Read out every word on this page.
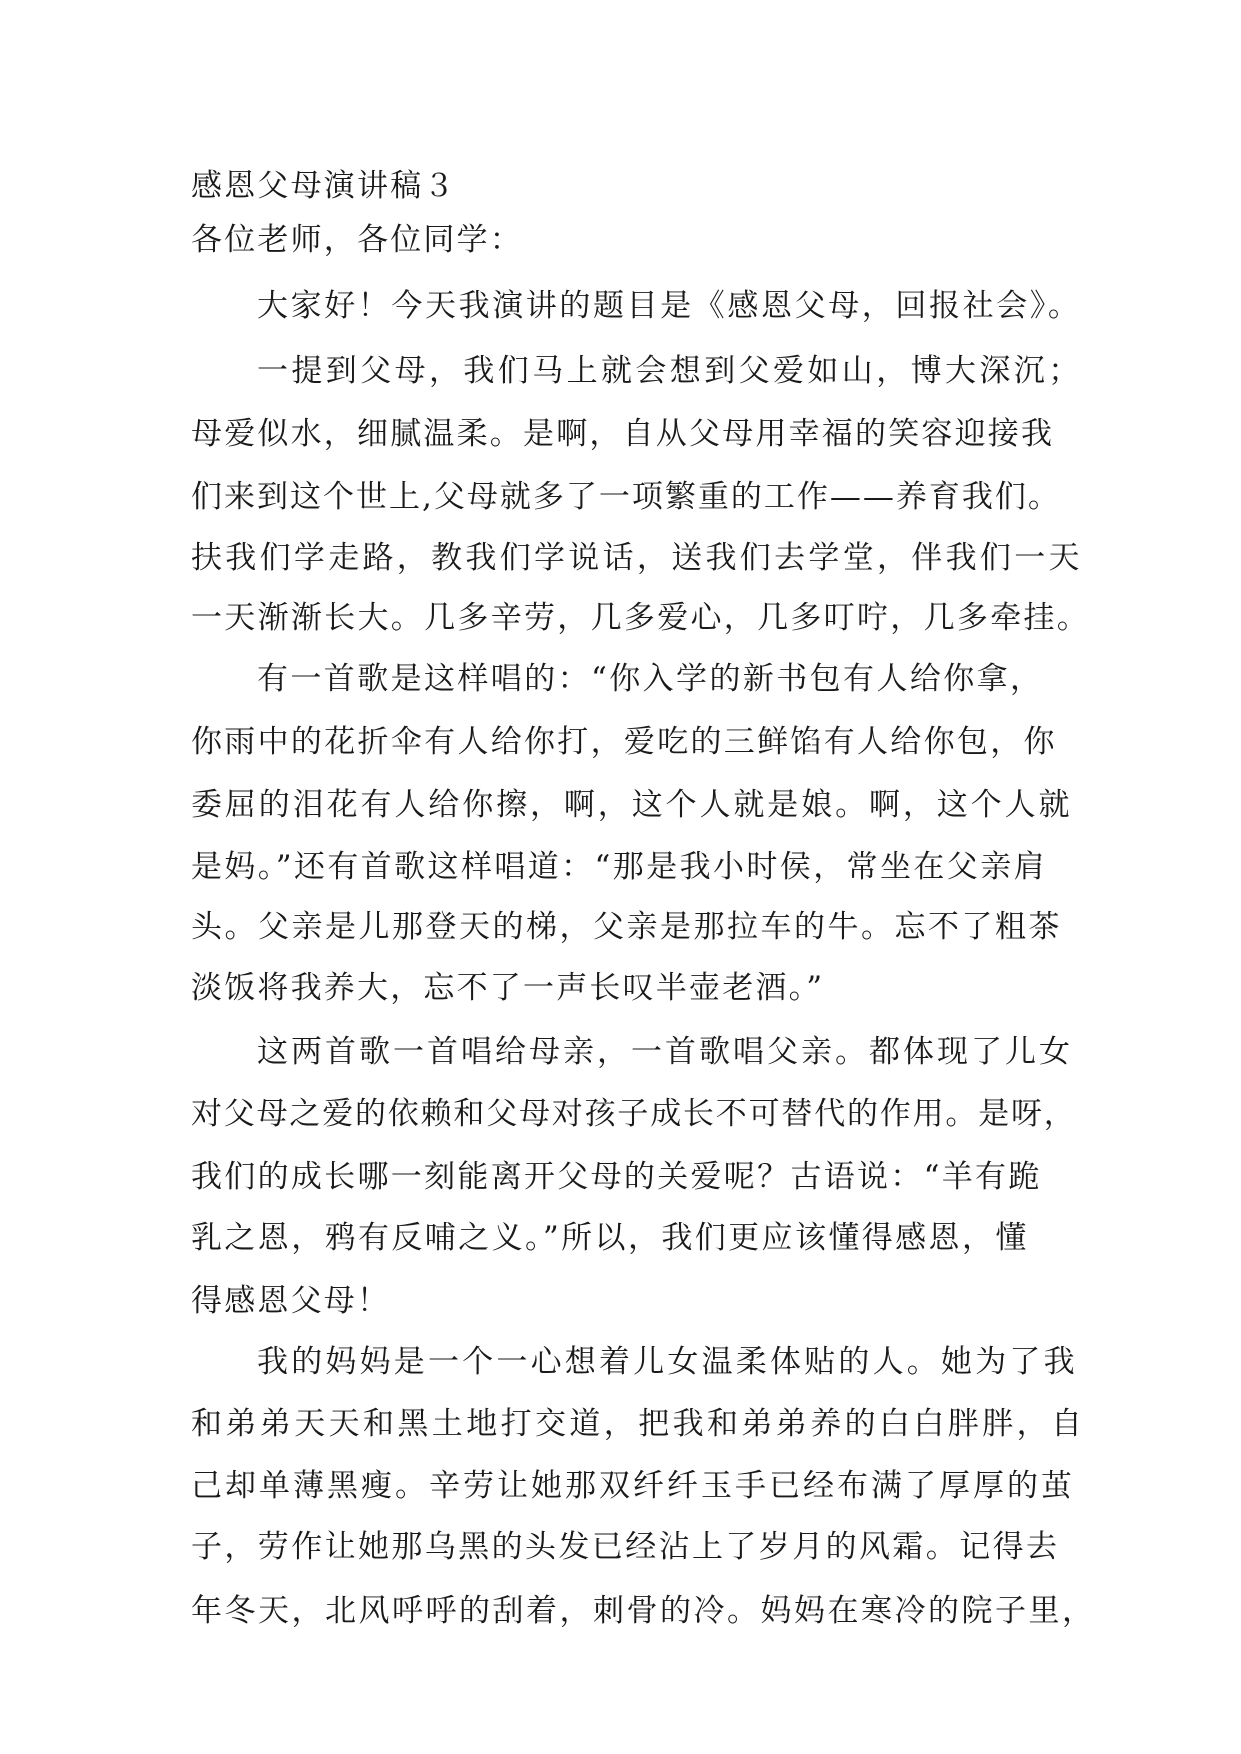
感恩父母演讲稿３
各位老师，各位同学：
大家好！今天我演讲的题目是《感恩父母，回报社会》。
一提到父母，我们马上就会想到父爱如山，博大深沉；
母爱似水，细腻温柔。是啊，自从父母用幸福的笑容迎接我
们来到这个世上,父母就多了一项繁重的工作——养育我们。
扶我们学走路，教我们学说话，送我们去学堂，伴我们一天
一天渐渐长大。几多辛劳，几多爱心，几多叮咛，几多牵挂。
有一首歌是这样唱的：“你入学的新书包有人给你拿，
你雨中的花折伞有人给你打，爱吃的三鲜馅有人给你包，你
委屈的泪花有人给你擦，啊，这个人就是娘。啊，这个人就
是妈。”还有首歌这样唱道：“那是我小时侯，常坐在父亲肩
头。父亲是儿那登天的梯，父亲是那拉车的牛。忘不了粗茶
淡饭将我养大，忘不了一声长叹半壶老酒。”
这两首歌一首唱给母亲，一首歌唱父亲。都体现了儿女
对父母之爱的依赖和父母对孩子成长不可替代的作用。是呀，
我们的成长哪一刻能离开父母的关爱呢？古语说：“羊有跪
乳之恩，鸦有反哺之义。”所以，我们更应该懂得感恩，懂
得感恩父母！
我的妈妈是一个一心想着儿女温柔体贴的人。她为了我
和弟弟天天和黑土地打交道，把我和弟弟养的白白胖胖，自
己却单薄黑瘦。辛劳让她那双纤纤玉手已经布满了厚厚的茧
子，劳作让她那乌黑的头发已经沾上了岁月的风霜。记得去
年冬天，北风呼呼的刮着，刺骨的冷。妈妈在寒冷的院子里，
